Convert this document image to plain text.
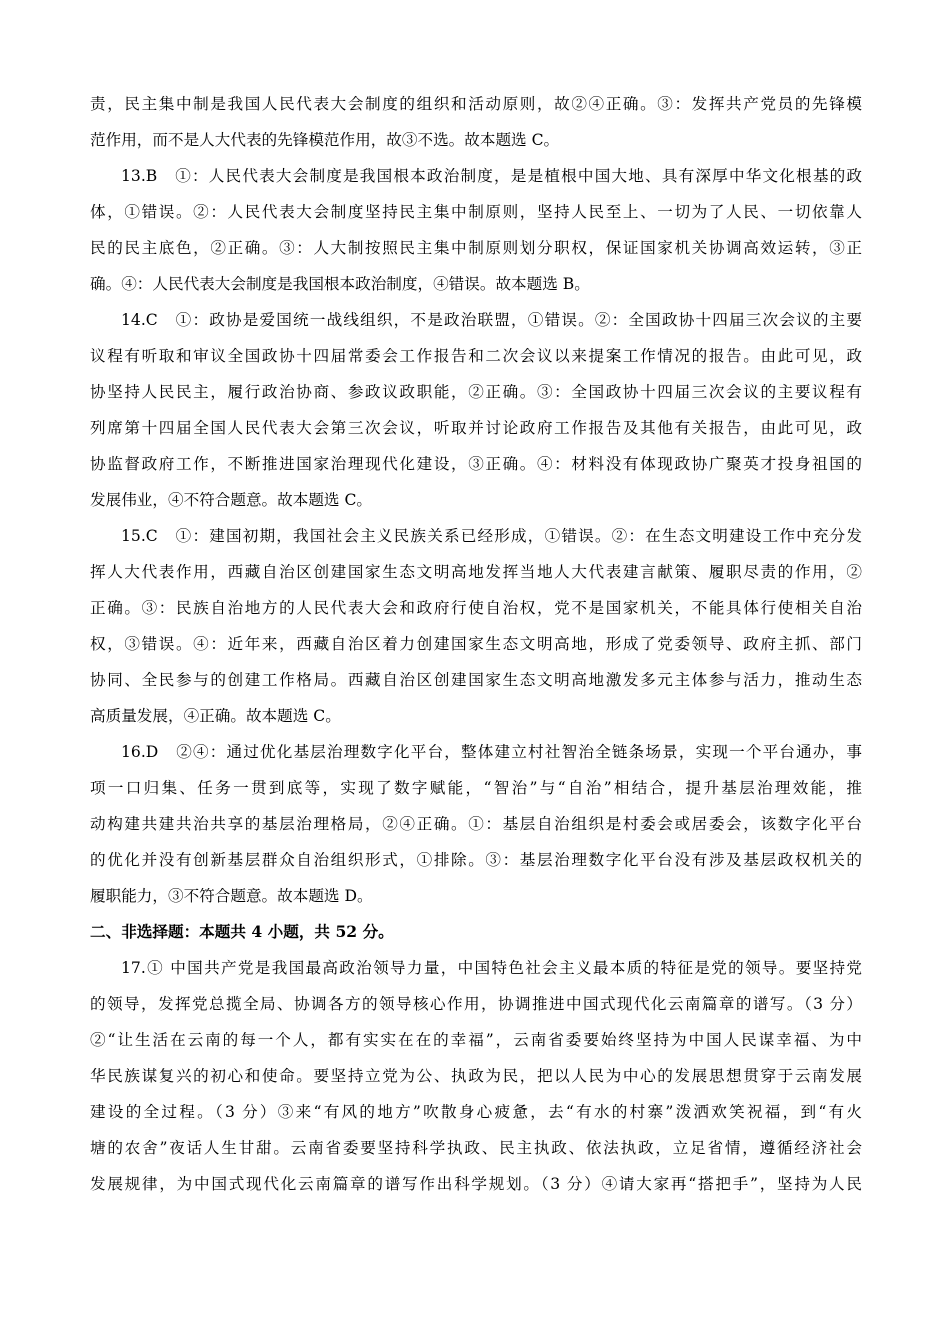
责，民主集中制是我国人民代表大会制度的组织和活动原则，故②④正确。③：发挥共产党员的先锋模
范作用，而不是人大代表的先锋模范作用，故③不选。故本题选 C。
13.B　①：人民代表大会制度是我国根本政治制度，是是植根中国大地、具有深厚中华文化根基的政
体，①错误。②：人民代表大会制度坚持民主集中制原则，坚持人民至上、一切为了人民、一切依靠人
民的民主底色，②正确。③：人大制按照民主集中制原则划分职权，保证国家机关协调高效运转，③正
确。④：人民代表大会制度是我国根本政治制度，④错误。故本题选 B。
14.C　①：政协是爱国统一战线组织，不是政治联盟，①错误。②：全国政协十四届三次会议的主要
议程有听取和审议全国政协十四届常委会工作报告和二次会议以来提案工作情况的报告。由此可见，政
协坚持人民民主，履行政治协商、参政议政职能，②正确。③：全国政协十四届三次会议的主要议程有
列席第十四届全国人民代表大会第三次会议，听取并讨论政府工作报告及其他有关报告，由此可见，政
协监督政府工作，不断推进国家治理现代化建设，③正确。④：材料没有体现政协广聚英才投身祖国的
发展伟业，④不符合题意。故本题选 C。
15.C　①：建国初期，我国社会主义民族关系已经形成，①错误。②：在生态文明建设工作中充分发
挥人大代表作用，西藏自治区创建国家生态文明高地发挥当地人大代表建言献策、履职尽责的作用，②
正确。③：民族自治地方的人民代表大会和政府行使自治权，党不是国家机关，不能具体行使相关自治
权，③错误。④：近年来，西藏自治区着力创建国家生态文明高地，形成了党委领导、政府主抓、部门
协同、全民参与的创建工作格局。西藏自治区创建国家生态文明高地激发多元主体参与活力，推动生态
高质量发展，④正确。故本题选 C。
16.D　②④：通过优化基层治理数字化平台，整体建立村社智治全链条场景，实现一个平台通办，事
项一口归集、任务一贯到底等，实现了数字赋能，“智治”与“自治”相结合，提升基层治理效能，推
动构建共建共治共享的基层治理格局，②④正确。①：基层自治组织是村委会或居委会，该数字化平台
的优化并没有创新基层群众自治组织形式，①排除。③：基层治理数字化平台没有涉及基层政权机关的
履职能力，③不符合题意。故本题选 D。
二、非选择题：本题共 4 小题，共 52 分。
17.① 中国共产党是我国最高政治领导力量，中国特色社会主义最本质的特征是党的领导。要坚持党
的领导，发挥党总揽全局、协调各方的领导核心作用，协调推进中国式现代化云南篇章的谱写。（3 分）
②“让生活在云南的每一个人，都有实实在在的幸福”，云南省委要始终坚持为中国人民谋幸福、为中
华民族谋复兴的初心和使命。要坚持立党为公、执政为民，把以人民为中心的发展思想贯穿于云南发展
建设的全过程。（3 分）③来“有风的地方”吹散身心疲惫，去“有水的村寨”泼洒欢笑祝福，到“有火
塘的农舍”夜话人生甘甜。云南省委要坚持科学执政、民主执政、依法执政，立足省情，遵循经济社会
发展规律，为中国式现代化云南篇章的谱写作出科学规划。（3 分）④请大家再“搭把手”，坚持为人民
